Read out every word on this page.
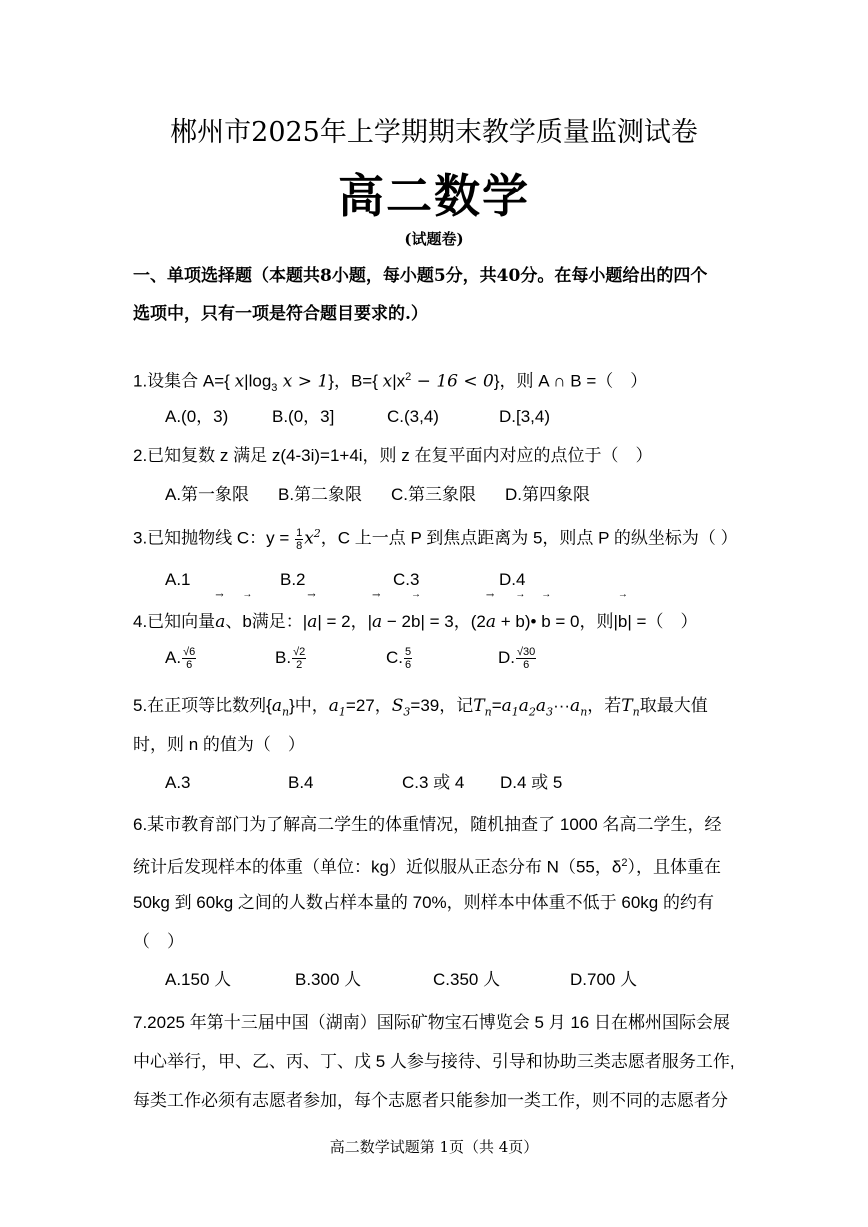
郴州市2025年上学期期末教学质量监测试卷
高二数学
(试题卷)
一、单项选择题（本题共8小题，每小题5分，共40分。在每小题给出的四个
选项中，只有一项是符合题目要求的.）
1.设集合 A={ $x|\log_3$ x > 1}，B={ $x|x^2 - 16 < 0$}，则 A ∩ B =（　）
A.(0，3)	B.(0，3]	C.(3,4)	D.[3,4)
2.已知复数 z 满足 z(4-3i)=1+4i，则 z 在复平面内对应的点位于（　）
A.第一象限 B.第二象限 C.第三象限 D.第四象限
3.已知抛物线 C：$y = \frac{1}{8} x^2$，C 上一点 P 到焦点距离为 5，则点 P 的纵坐标为（ ）
A.1	B.2	C.3	D.4
4.已知向量→ a、→ b满足：|→ a| = 2，|→ a − 2→ b| = 3，(2→ a + → b)• → b = 0，则|→ b| =（　）
A. $\frac{√6}{6}$	B. $\frac{√2}{2}$	C. $\frac{5}{6}$	D. $\frac{√30}{6}$
5.在正项等比数列$\{a_n\}$中，$a_1=27$，$S_3=39$，记$T_n=a_1a_2a_3\cdot\cdot\cdot a_n$，若$T_n$取最大值
时，则 n 的值为（　）
A.3	B.4	C.3 或 4 D.4 或 5
6.某市教育部门为了解高二学生的体重情况，随机抽查了 1000 名高二学生，经
统计后发现样本的体重（单位：kg）近似服从正态分布 N（55，$\delta^2$），且体重在
50kg 到 60kg 之间的人数占样本量的 70%，则样本中体重不低于 60kg 的约有
（　）
A.150 人	B.300 人	C.350 人	D.700 人
7.2025 年第十三届中国（湖南）国际矿物宝石博览会 5 月 16 日在郴州国际会展
中心举行，甲、乙、丙、丁、戊 5 人参与接待、引导和协助三类志愿者服务工作,
每类工作必须有志愿者参加，每个志愿者只能参加一类工作，则不同的志愿者分
高二数学试题第 1页（共 4页）
